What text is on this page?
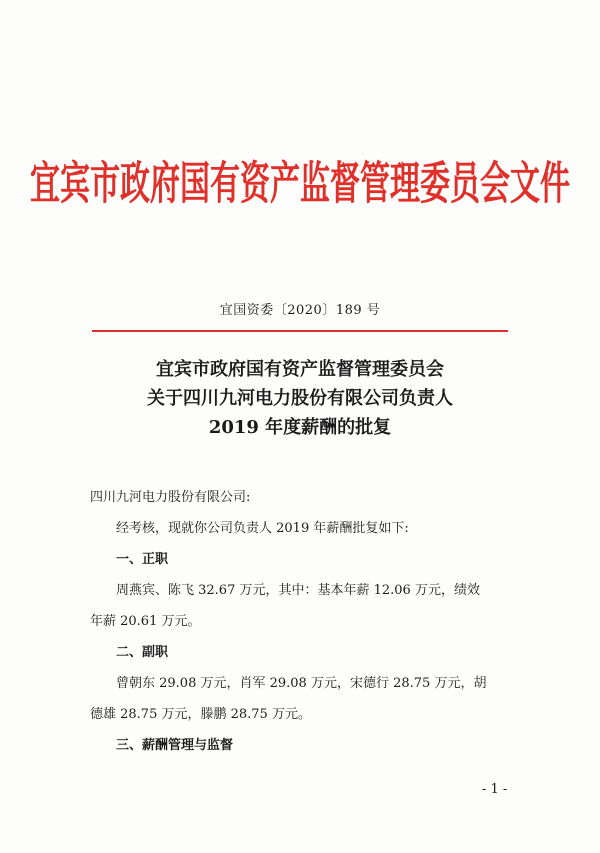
宜宾市政府国有资产监督管理委员会文件
宜国资委〔2020〕189 号
宜宾市政府国有资产监督管理委员会
关于四川九河电力股份有限公司负责人
2019 年度薪酬的批复

四川九河电力股份有限公司:

经考核，现就你公司负责人 2019 年薪酬批复如下:

一、正职

周燕宾、陈飞 32.67 万元，其中：基本年薪 12.06 万元，绩效

年薪 20.61 万元。

二、副职

曾朝东 29.08 万元，肖军 29.08 万元，宋德行 28.75 万元，胡

德雄 28.75 万元，滕鹏 28.75 万元。

三、薪酬管理与监督

- 1 -
